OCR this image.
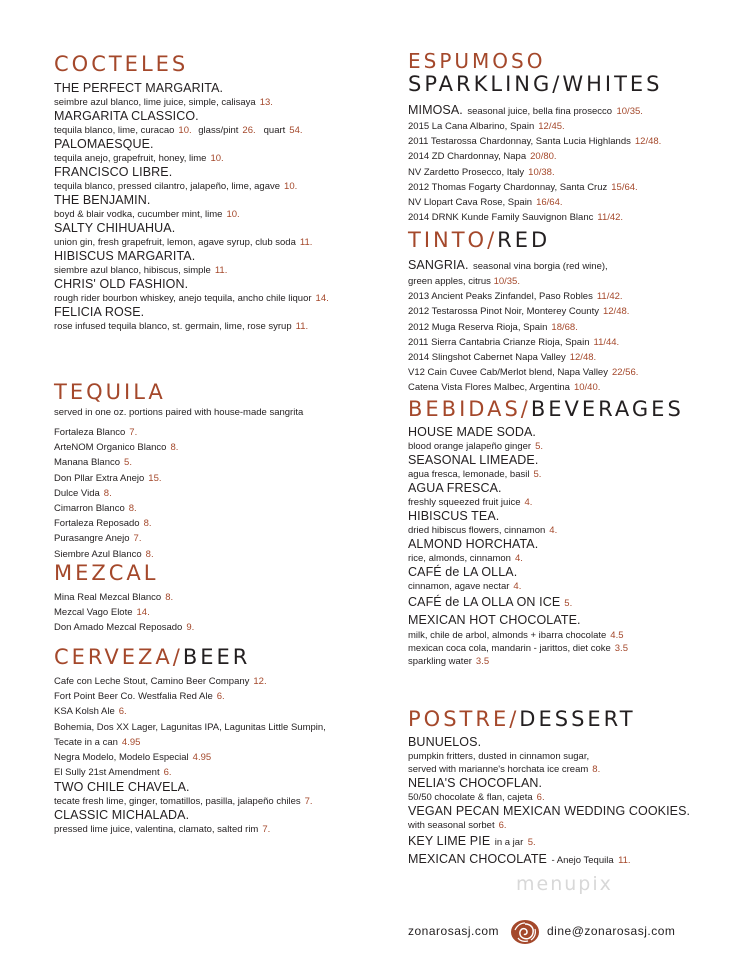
COCTELES
THE PERFECT MARGARITA.
seimbre azul blanco, lime juice, simple, calisaya 13.
MARGARITA CLASSICO.
tequila blanco, lime, curacao 10. glass/pint 26. quart 54.
PALOMAESQUE.
tequila anejo, grapefruit, honey, lime 10.
FRANCISCO LIBRE.
tequila blanco, pressed cilantro, jalapeño, lime, agave 10.
THE BENJAMIN.
boyd & blair vodka, cucumber mint, lime 10.
SALTY CHIHUAHUA.
union gin, fresh grapefruit, lemon, agave syrup, club soda 11.
HIBISCUS MARGARITA.
siembre azul blanco, hibiscus, simple 11.
CHRIS' OLD FASHION.
rough rider bourbon whiskey, anejo tequila, ancho chile liquor 14.
FELICIA ROSE.
rose infused tequila blanco, st. germain, lime, rose syrup 11.
TEQUILA
served in one oz. portions paired with house-made sangrita
Fortaleza Blanco 7.
ArteNOM Organico Blanco 8.
Manana Blanco 5.
Don Pllar Extra Anejo 15.
Dulce Vida 8.
Cimarron Blanco 8.
Fortaleza Reposado 8.
Purasangre Anejo 7.
Siembre Azul Blanco 8.
MEZCAL
Mina Real Mezcal Blanco 8.
Mezcal Vago Elote 14.
Don Amado Mezcal Reposado 9.
CERVEZA/BEER
Cafe con Leche Stout, Camino Beer Company 12.
Fort Point Beer Co. Westfalia Red Ale 6.
KSA Kolsh Ale 6.
Bohemia, Dos XX Lager, Lagunitas IPA, Lagunitas Little Sumpin,
Tecate in a can 4.95
Negra Modelo, Modelo Especial 4.95
El Sully 21st Amendment 6.
TWO CHILE CHAVELA.
tecate fresh lime, ginger, tomatillos, pasilla, jalapeño chiles 7.
CLASSIC MICHALADA.
pressed lime juice, valentina, clamato, salted rim 7.
ESPUMOSO
SPARKLING/WHITES
MIMOSA. seasonal juice, bella fina prosecco 10/35.
2015 La Cana Albarino, Spain 12/45.
2011 Testarossa Chardonnay, Santa Lucia Highlands 12/48.
2014 ZD Chardonnay, Napa 20/80.
NV Zardetto Prosecco, Italy 10/38.
2012 Thomas Fogarty Chardonnay, Santa Cruz 15/64.
NV Llopart Cava Rose, Spain 16/64.
2014 DRNK Kunde Family Sauvignon Blanc 11/42.
TINTO/RED
SANGRIA. seasonal vina borgia (red wine),
green apples, citrus 10/35.
2013 Ancient Peaks Zinfandel, Paso Robles 11/42.
2012 Testarossa Pinot Noir, Monterey County 12/48.
2012 Muga Reserva Rioja, Spain 18/68.
2011 Sierra Cantabria Crianze Rioja, Spain 11/44.
2014 Slingshot Cabernet Napa Valley 12/48.
V12 Cain Cuvee Cab/Merlot blend, Napa Valley 22/56.
Catena Vista Flores Malbec, Argentina 10/40.
BEBIDAS/BEVERAGES
HOUSE MADE SODA.
blood orange jalapeño ginger 5.
SEASONAL LIMEADE.
agua fresca, lemonade, basil 5.
AGUA FRESCA.
freshly squeezed fruit juice 4.
HIBISCUS TEA.
dried hibiscus flowers, cinnamon 4.
ALMOND HORCHATA.
rice, almonds, cinnamon 4.
CAFÉ de LA OLLA.
cinnamon, agave nectar 4.
CAFÉ de LA OLLA ON ICE 5.
MEXICAN HOT CHOCOLATE.
milk, chile de arbol, almonds + ibarra chocolate 4.5
mexican coca cola, mandarin - jarittos, diet coke 3.5
sparkling water 3.5
POSTRE/DESSERT
BUNUELOS.
pumpkin fritters, dusted in cinnamon sugar,
served with marianne's horchata ice cream 8.
NELIA'S CHOCOFLAN.
50/50 chocolate & flan, cajeta 6.
VEGAN PECAN MEXICAN WEDDING COOKIES.
with seasonal sorbet 6.
KEY LIME PIE in a jar 5.
MEXICAN CHOCOLATE - Anejo Tequila 11.
menupix
zonarosasj.com	dine@zonarosasj.com
